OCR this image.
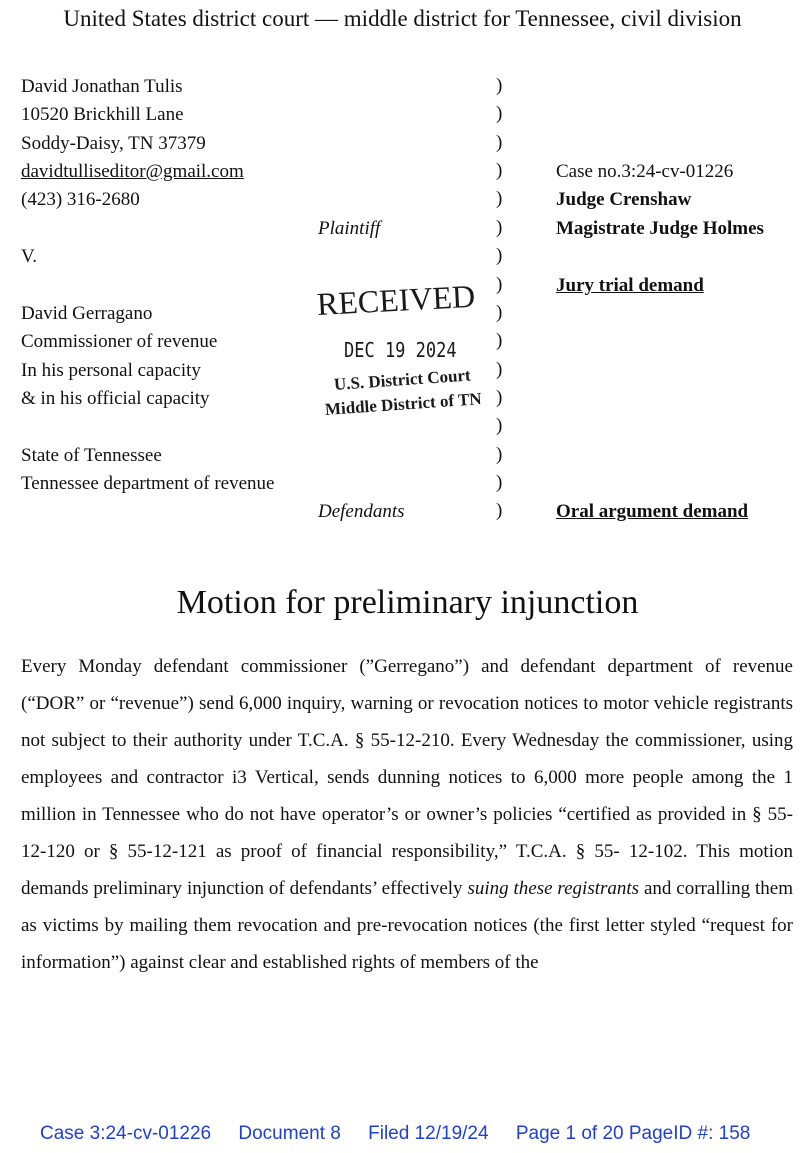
United States district court — middle district for Tennessee, civil division
David Jonathan Tulis
10520 Brickhill Lane
Soddy-Daisy, TN 37379
davidtulliseditor@gmail.com
(423) 316-2680
Plaintiff
V.
David Gerragano
Commissioner of revenue
In his personal capacity
& in his official capacity
State of Tennessee
Tennessee department of revenue
Defendants
)
)
)
)
)
)
)
)
)
)
)
)
)
)
)
)
Case no.3:24-cv-01226
Judge Crenshaw
Magistrate Judge Holmes
Jury trial demand
Oral argument demand
RECEIVED
DEC 19 2024
U.S. District Court
Middle District of TN
Motion for preliminary injunction
Every Monday defendant commissioner (”Gerregano”) and defendant department of revenue (“DOR” or “revenue”) send 6,000 inquiry, warning or revocation notices to motor vehicle registrants not subject to their authority under T.C.A. § 55-12-210. Every Wednesday the commissioner, using employees and contractor i3 Vertical, sends dunning notices to 6,000 more people among the 1 million in Tennessee who do not have operator’s or owner’s policies “certified as provided in § 55-12-120 or § 55-12-121 as proof of financial responsibility,” T.C.A. § 55- 12-102. This motion demands preliminary injunction of defendants’ effectively suing these registrants and corralling them as victims by mailing them revocation and pre-revocation notices (the first letter styled “request for information”) against clear and established rights of members of the
Case 3:24-cv-01226 Document 8 Filed 12/19/24 Page 1 of 20 PageID #: 158
